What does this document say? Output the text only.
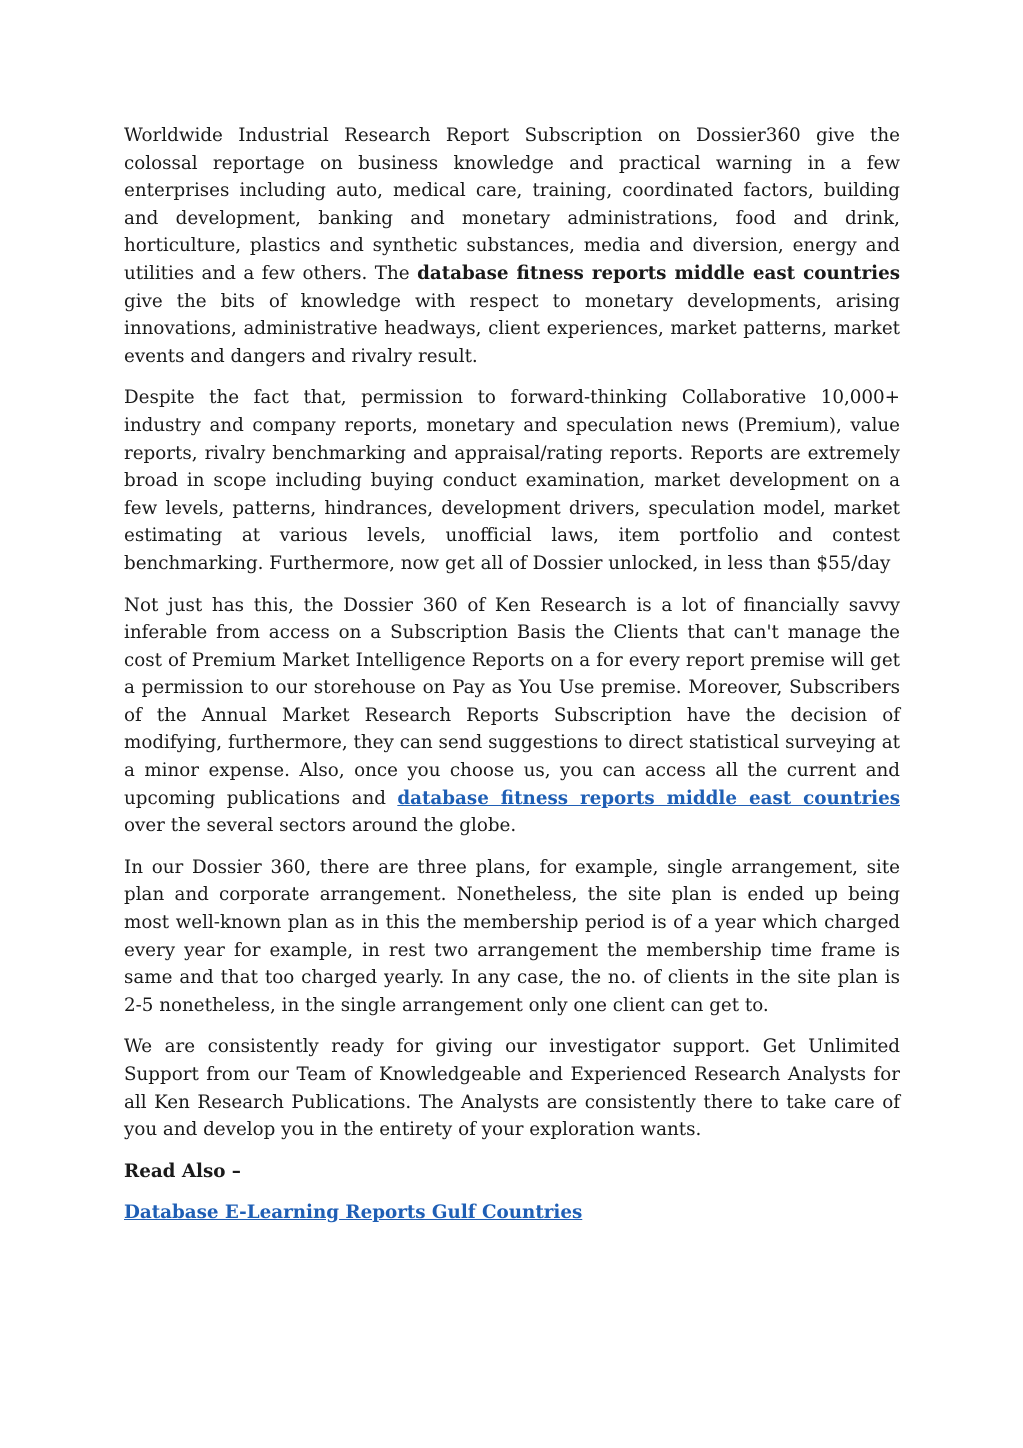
Worldwide Industrial Research Report Subscription on Dossier360 give the colossal reportage on business knowledge and practical warning in a few enterprises including auto, medical care, training, coordinated factors, building and development, banking and monetary administrations, food and drink, horticulture, plastics and synthetic substances, media and diversion, energy and utilities and a few others. The database fitness reports middle east countries give the bits of knowledge with respect to monetary developments, arising innovations, administrative headways, client experiences, market patterns, market events and dangers and rivalry result.

Despite the fact that, permission to forward-thinking Collaborative 10,000+ industry and company reports, monetary and speculation news (Premium), value reports, rivalry benchmarking and appraisal/rating reports. Reports are extremely broad in scope including buying conduct examination, market development on a few levels, patterns, hindrances, development drivers, speculation model, market estimating at various levels, unofficial laws, item portfolio and contest benchmarking. Furthermore, now get all of Dossier unlocked, in less than $55/day

Not just has this, the Dossier 360 of Ken Research is a lot of financially savvy inferable from access on a Subscription Basis the Clients that can't manage the cost of Premium Market Intelligence Reports on a for every report premise will get a permission to our storehouse on Pay as You Use premise. Moreover, Subscribers of the Annual Market Research Reports Subscription have the decision of modifying, furthermore, they can send suggestions to direct statistical surveying at a minor expense. Also, once you choose us, you can access all the current and upcoming publications and database fitness reports middle east countries over the several sectors around the globe.

In our Dossier 360, there are three plans, for example, single arrangement, site plan and corporate arrangement. Nonetheless, the site plan is ended up being most well-known plan as in this the membership period is of a year which charged every year for example, in rest two arrangement the membership time frame is same and that too charged yearly. In any case, the no. of clients in the site plan is 2-5 nonetheless, in the single arrangement only one client can get to.

We are consistently ready for giving our investigator support. Get Unlimited Support from our Team of Knowledgeable and Experienced Research Analysts for all Ken Research Publications. The Analysts are consistently there to take care of you and develop you in the entirety of your exploration wants.

Read Also –

Database E-Learning Reports Gulf Countries
